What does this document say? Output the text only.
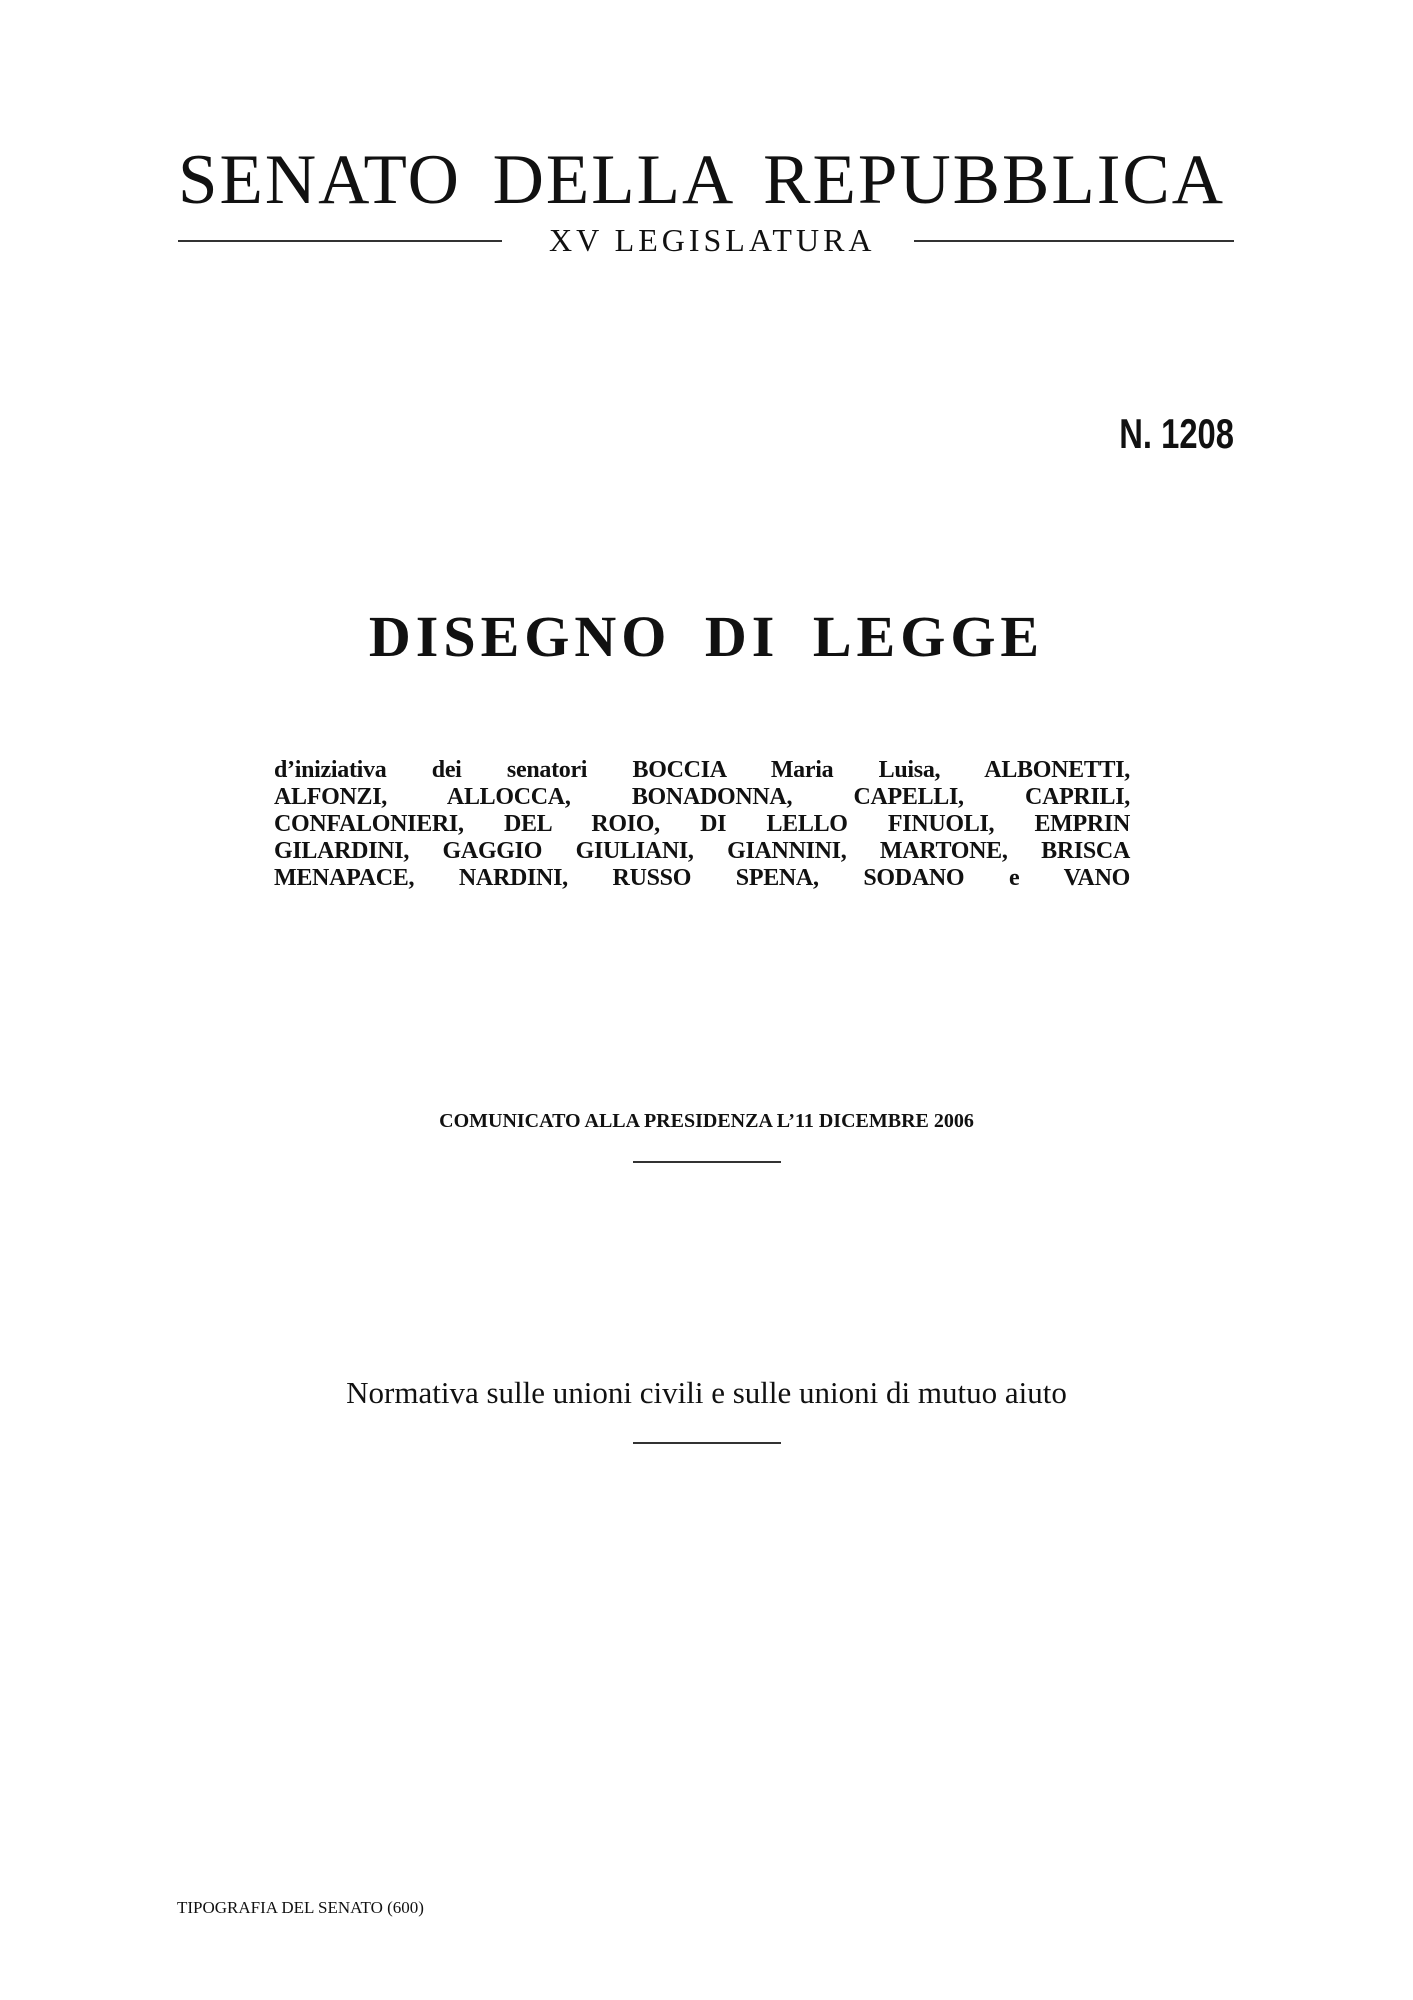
SENATO DELLA REPUBBLICA
XV LEGISLATURA
N. 1208
DISEGNO DI LEGGE
d’iniziativa dei senatori BOCCIA Maria Luisa, ALBONETTI,
ALFONZI, ALLOCCA, BONADONNA, CAPELLI, CAPRILI,
CONFALONIERI, DEL ROIO, DI LELLO FINUOLI, EMPRIN
GILARDINI, GAGGIO GIULIANI, GIANNINI, MARTONE, BRISCA
MENAPACE, NARDINI, RUSSO SPENA, SODANO e VANO
COMUNICATO ALLA PRESIDENZA L’11 DICEMBRE 2006
Normativa sulle unioni civili e sulle unioni di mutuo aiuto
TIPOGRAFIA DEL SENATO (600)
